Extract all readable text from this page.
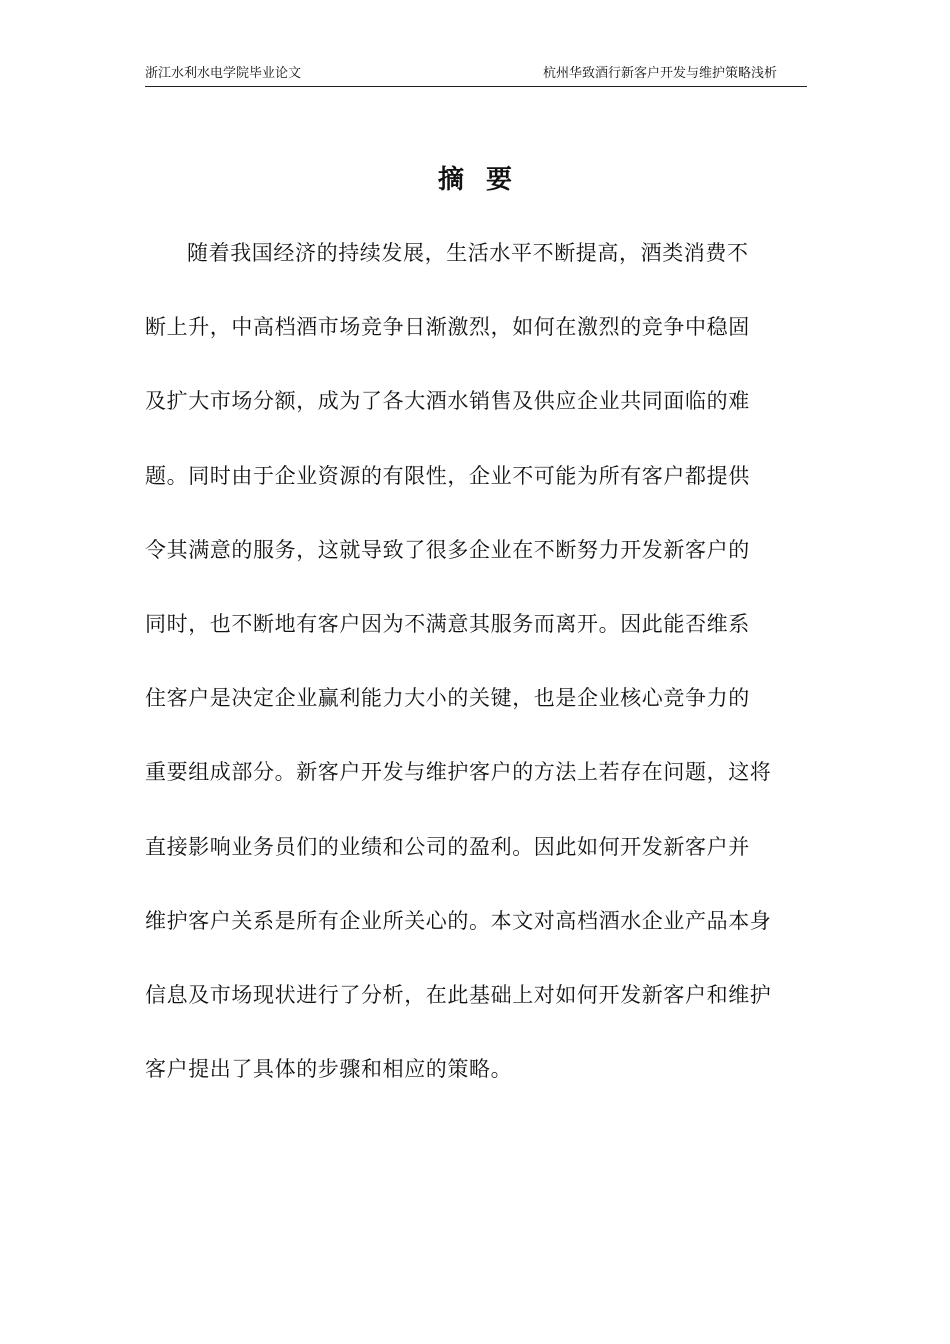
浙江水利水电学院毕业论文	杭州华致酒行新客户开发与维护策略浅析
摘要
随着我国经济的持续发展，生活水平不断提高，酒类消费不
断上升，中高档酒市场竞争日渐激烈，如何在激烈的竞争中稳固
及扩大市场分额，成为了各大酒水销售及供应企业共同面临的难
题。同时由于企业资源的有限性，企业不可能为所有客户都提供
令其满意的服务，这就导致了很多企业在不断努力开发新客户的
同时，也不断地有客户因为不满意其服务而离开。因此能否维系
住客户是决定企业赢利能力大小的关键，也是企业核心竞争力的
重要组成部分。新客户开发与维护客户的方法上若存在问题，这将
直接影响业务员们的业绩和公司的盈利。因此如何开发新客户并
维护客户关系是所有企业所关心的。本文对高档酒水企业产品本身
信息及市场现状进行了分析，在此基础上对如何开发新客户和维护
客户提出了具体的步骤和相应的策略。
